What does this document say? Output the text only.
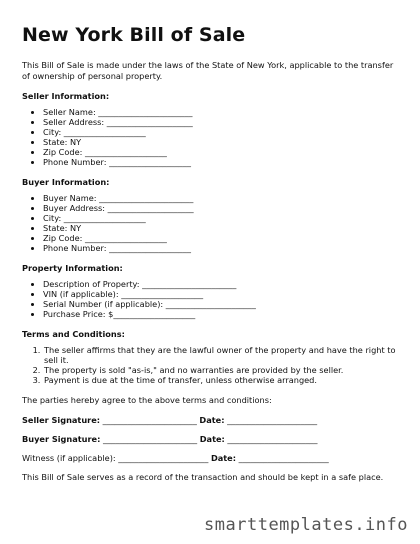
New York Bill of Sale

This Bill of Sale is made under the laws of the State of New York, applicable to the transfer of ownership of personal property.

Seller Information:
• Seller Name: _______________________
• Seller Address: _____________________
• City: ____________________
• State: NY
• Zip Code: ____________________
• Phone Number: ____________________
Buyer Information:
• Buyer Name: _______________________
• Buyer Address: _____________________
• City: ____________________
• State: NY
• Zip Code: ____________________
• Phone Number: ____________________
Property Information:
• Description of Property: _______________________
• VIN (if applicable): ____________________
• Serial Number (if applicable): ______________________
• Purchase Price: $____________________
Terms and Conditions:
1. The seller affirms that they are the lawful owner of the property and have the right to sell it.
2. The property is sold "as-is," and no warranties are provided by the seller.
3. Payment is due at the time of transfer, unless otherwise arranged.

The parties hereby agree to the above terms and conditions:

Seller Signature: _______________________ Date: ______________________
Buyer Signature: _______________________ Date: ______________________
Witness (if applicable): ______________________ Date: ______________________

This Bill of Sale serves as a record of the transaction and should be kept in a safe place.

smarttemplates.info
